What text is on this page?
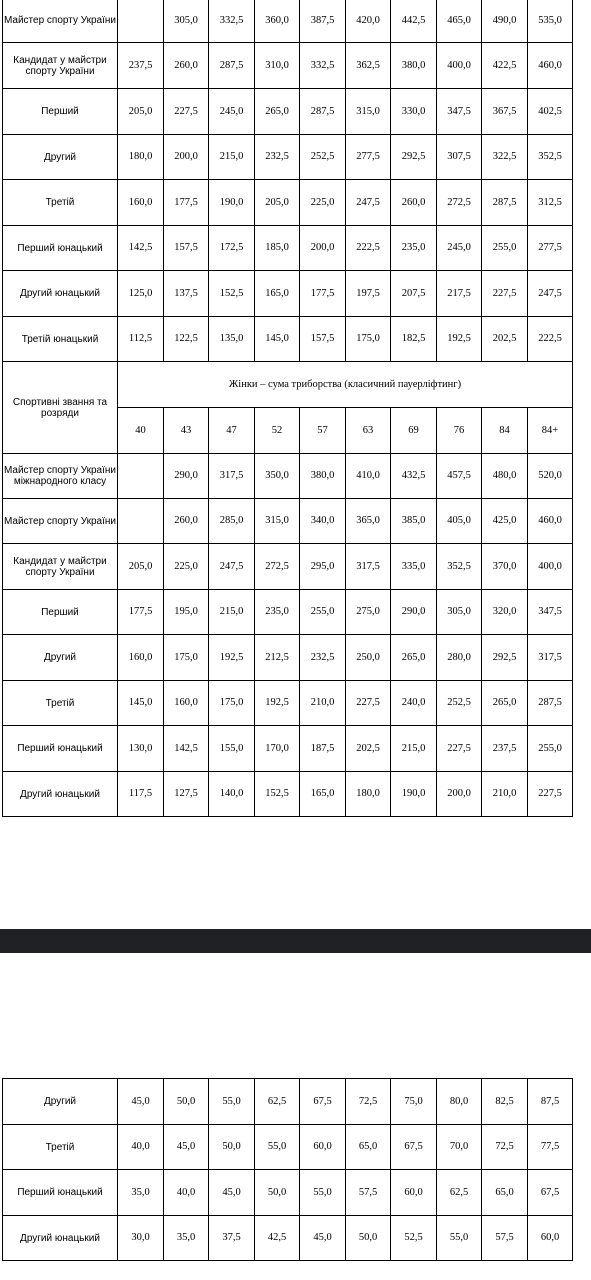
Майстер спорту України		305,0	332,5	360,0	387,5	420,0	442,5	465,0	490,0	535,0
Кандидат у майстри спорту України	237,5	260,0	287,5	310,0	332,5	362,5	380,0	400,0	422,5	460,0
Перший	205,0	227,5	245,0	265,0	287,5	315,0	330,0	347,5	367,5	402,5
Другий	180,0	200,0	215,0	232,5	252,5	277,5	292,5	307,5	322,5	352,5
Третій	160,0	177,5	190,0	205,0	225,0	247,5	260,0	272,5	287,5	312,5
Перший юнацький	142,5	157,5	172,5	185,0	200,0	222,5	235,0	245,0	255,0	277,5
Другий юнацький	125,0	137,5	152,5	165,0	177,5	197,5	207,5	217,5	227,5	247,5
Третій юнацький	112,5	122,5	135,0	145,0	157,5	175,0	182,5	192,5	202,5	222,5
Спортивні звання та розряди	Жінки – сума триборства (класичний пауерліфтинг)									
	40	43	47	52	57	63	69	76	84	84+
Майстер спорту України міжнародного класу		290,0	317,5	350,0	380,0	410,0	432,5	457,5	480,0	520,0
Майстер спорту України		260,0	285,0	315,0	340,0	365,0	385,0	405,0	425,0	460,0
Кандидат у майстри спорту України	205,0	225,0	247,5	272,5	295,0	317,5	335,0	352,5	370,0	400,0
Перший	177,5	195,0	215,0	235,0	255,0	275,0	290,0	305,0	320,0	347,5
Другий	160,0	175,0	192,5	212,5	232,5	250,0	265,0	280,0	292,5	317,5
Третій	145,0	160,0	175,0	192,5	210,0	227,5	240,0	252,5	265,0	287,5
Перший юнацький	130,0	142,5	155,0	170,0	187,5	202,5	215,0	227,5	237,5	255,0
Другий юнацький	117,5	127,5	140,0	152,5	165,0	180,0	190,0	200,0	210,0	227,5
Другий	45,0	50,0	55,0	62,5	67,5	72,5	75,0	80,0	82,5	87,5
Третій	40,0	45,0	50,0	55,0	60,0	65,0	67,5	70,0	72,5	77,5
Перший юнацький	35,0	40,0	45,0	50,0	55,0	57,5	60,0	62,5	65,0	67,5
Другий юнацький	30,0	35,0	37,5	42,5	45,0	50,0	52,5	55,0	57,5	60,0
